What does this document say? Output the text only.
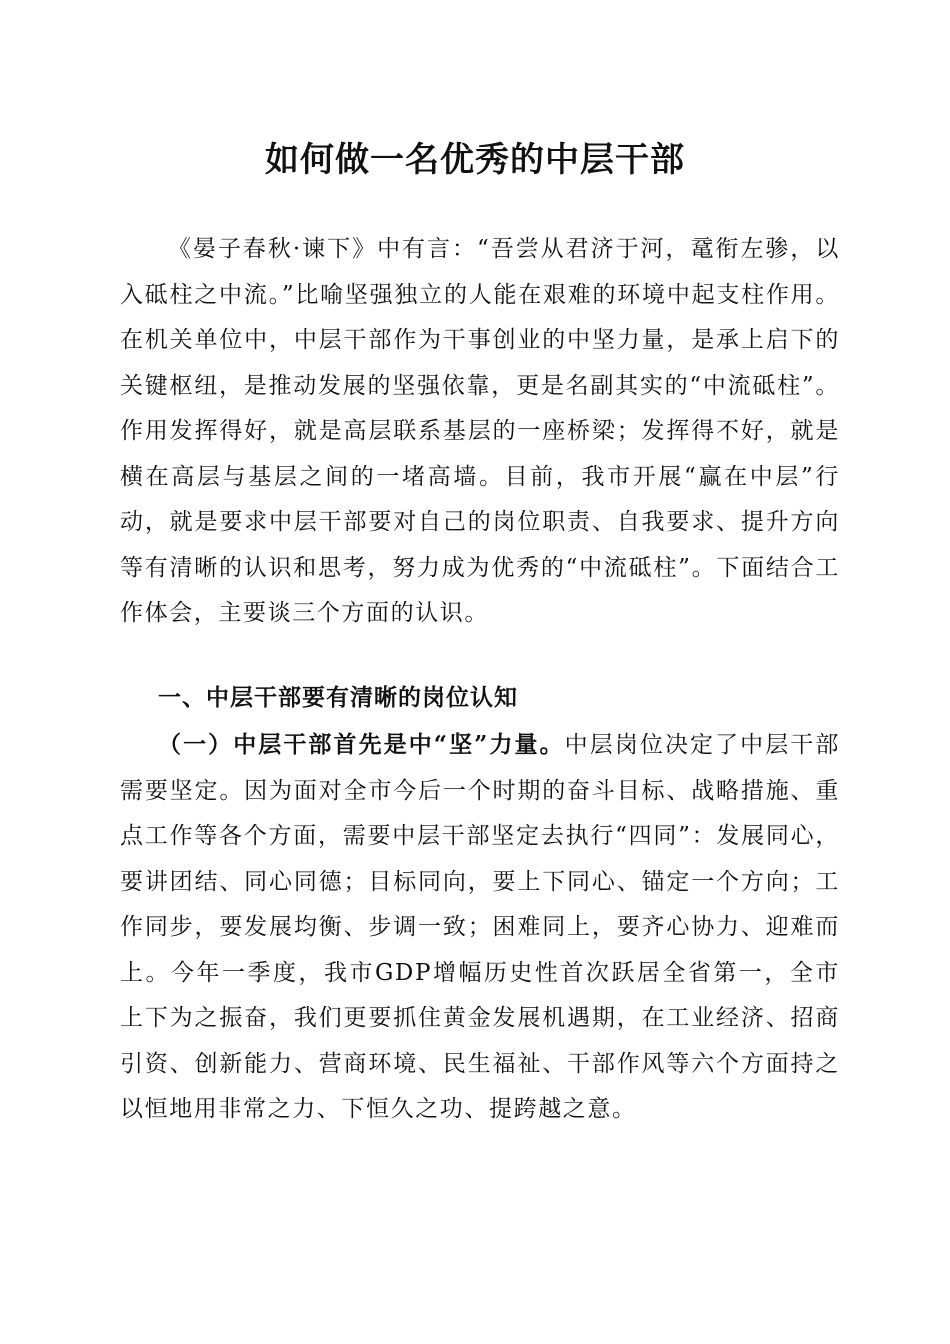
如何做一名优秀的中层干部

《晏子春秋·谏下》中有言：“吾尝从君济于河，鼋衔左骖，以入砥柱之中流。”比喻坚强独立的人能在艰难的环境中起支柱作用。在机关单位中，中层干部作为干事创业的中坚力量，是承上启下的关键枢纽，是推动发展的坚强依靠，更是名副其实的“中流砥柱”。作用发挥得好，就是高层联系基层的一座桥梁；发挥得不好，就是横在高层与基层之间的一堵高墙。目前，我市开展“赢在中层”行动，就是要求中层干部要对自己的岗位职责、自我要求、提升方向等有清晰的认识和思考，努力成为优秀的“中流砥柱”。下面结合工作体会，主要谈三个方面的认识。

一、中层干部要有清晰的岗位认知

（一）中层干部首先是中“坚”力量。中层岗位决定了中层干部需要坚定。因为面对全市今后一个时期的奋斗目标、战略措施、重点工作等各个方面，需要中层干部坚定去执行“四同”：发展同心，要讲团结、同心同德；目标同向，要上下同心、锚定一个方向；工作同步，要发展均衡、步调一致；困难同上，要齐心协力、迎难而上。今年一季度，我市GDP增幅历史性首次跃居全省第一，全市上下为之振奋，我们更要抓住黄金发展机遇期，在工业经济、招商引资、创新能力、营商环境、民生福祉、干部作风等六个方面持之以恒地用非常之力、下恒久之功、提跨越之意。
